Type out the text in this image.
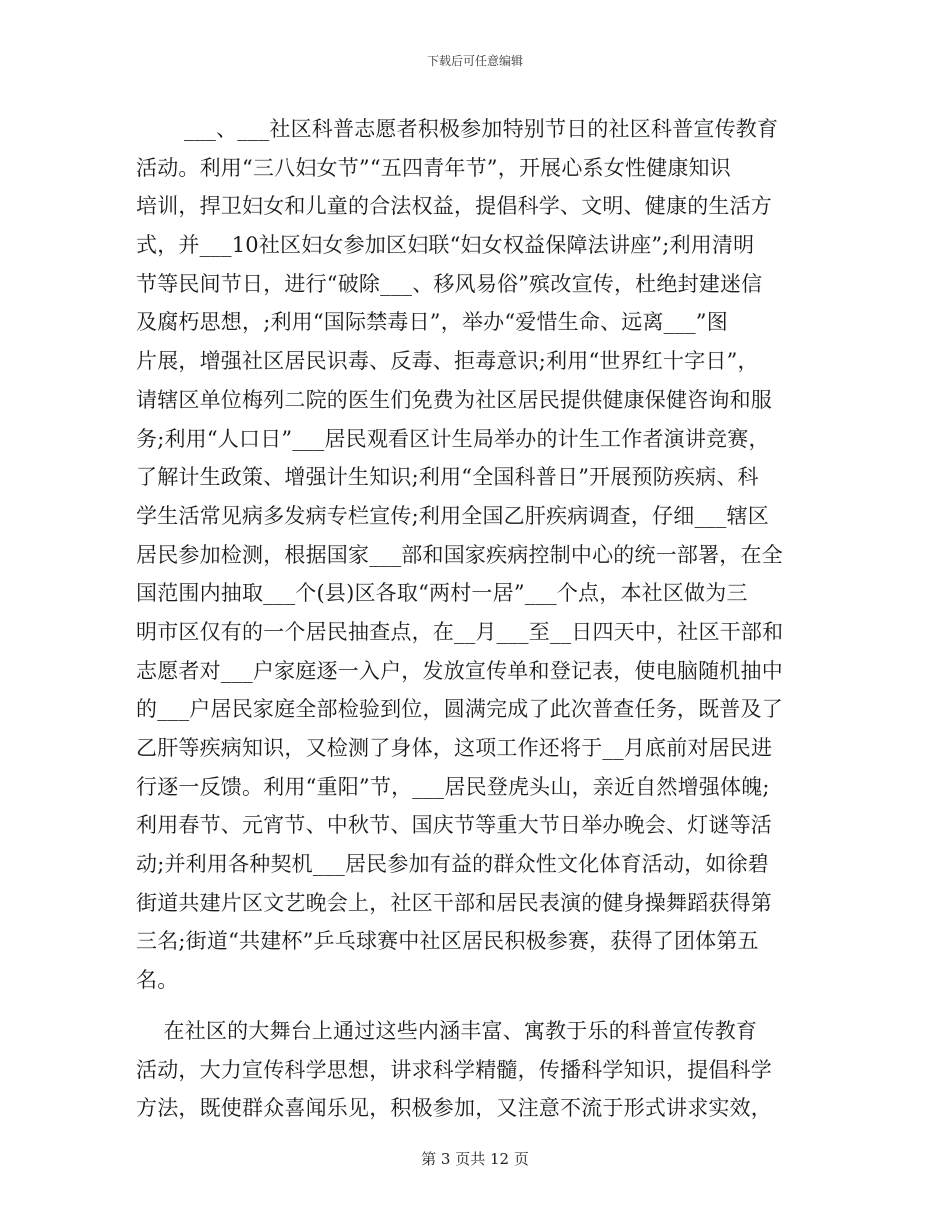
下载后可任意编辑
___、___社区科普志愿者积极参加特别节日的社区科普宣传教育
活动。利用“三八妇女节”“五四青年节”，开展心系女性健康知识
培训，捍卫妇女和儿童的合法权益，提倡科学、文明、健康的生活方
式，并___10社区妇女参加区妇联“妇女权益保障法讲座”;利用清明
节等民间节日，进行“破除___、移风易俗”殡改宣传，杜绝封建迷信
及腐朽思想，;利用“国际禁毒日”，举办“爱惜生命、远离___”图
片展，增强社区居民识毒、反毒、拒毒意识;利用“世界红十字日”，
请辖区单位梅列二院的医生们免费为社区居民提供健康保健咨询和服
务;利用“人口日”___居民观看区计生局举办的计生工作者演讲竞赛，
了解计生政策、增强计生知识;利用“全国科普日”开展预防疾病、科
学生活常见病多发病专栏宣传;利用全国乙肝疾病调查，仔细___辖区
居民参加检测，根据国家___部和国家疾病控制中心的统一部署，在全
国范围内抽取___个(县)区各取“两村一居”___个点，本社区做为三
明市区仅有的一个居民抽查点，在__月___至__日四天中，社区干部和
志愿者对___户家庭逐一入户，发放宣传单和登记表，使电脑随机抽中
的___户居民家庭全部检验到位，圆满完成了此次普查任务，既普及了
乙肝等疾病知识，又检测了身体，这项工作还将于__月底前对居民进
行逐一反馈。利用“重阳”节，___居民登虎头山，亲近自然增强体魄;
利用春节、元宵节、中秋节、国庆节等重大节日举办晚会、灯谜等活
动;并利用各种契机___居民参加有益的群众性文化体育活动，如徐碧
街道共建片区文艺晚会上，社区干部和居民表演的健身操舞蹈获得第
三名;街道“共建杯”乒乓球赛中社区居民积极参赛，获得了团体第五
名。
在社区的大舞台上通过这些内涵丰富、寓教于乐的科普宣传教育
活动，大力宣传科学思想，讲求科学精髓，传播科学知识，提倡科学
方法，既使群众喜闻乐见，积极参加，又注意不流于形式讲求实效，
第 3 页共 12 页
